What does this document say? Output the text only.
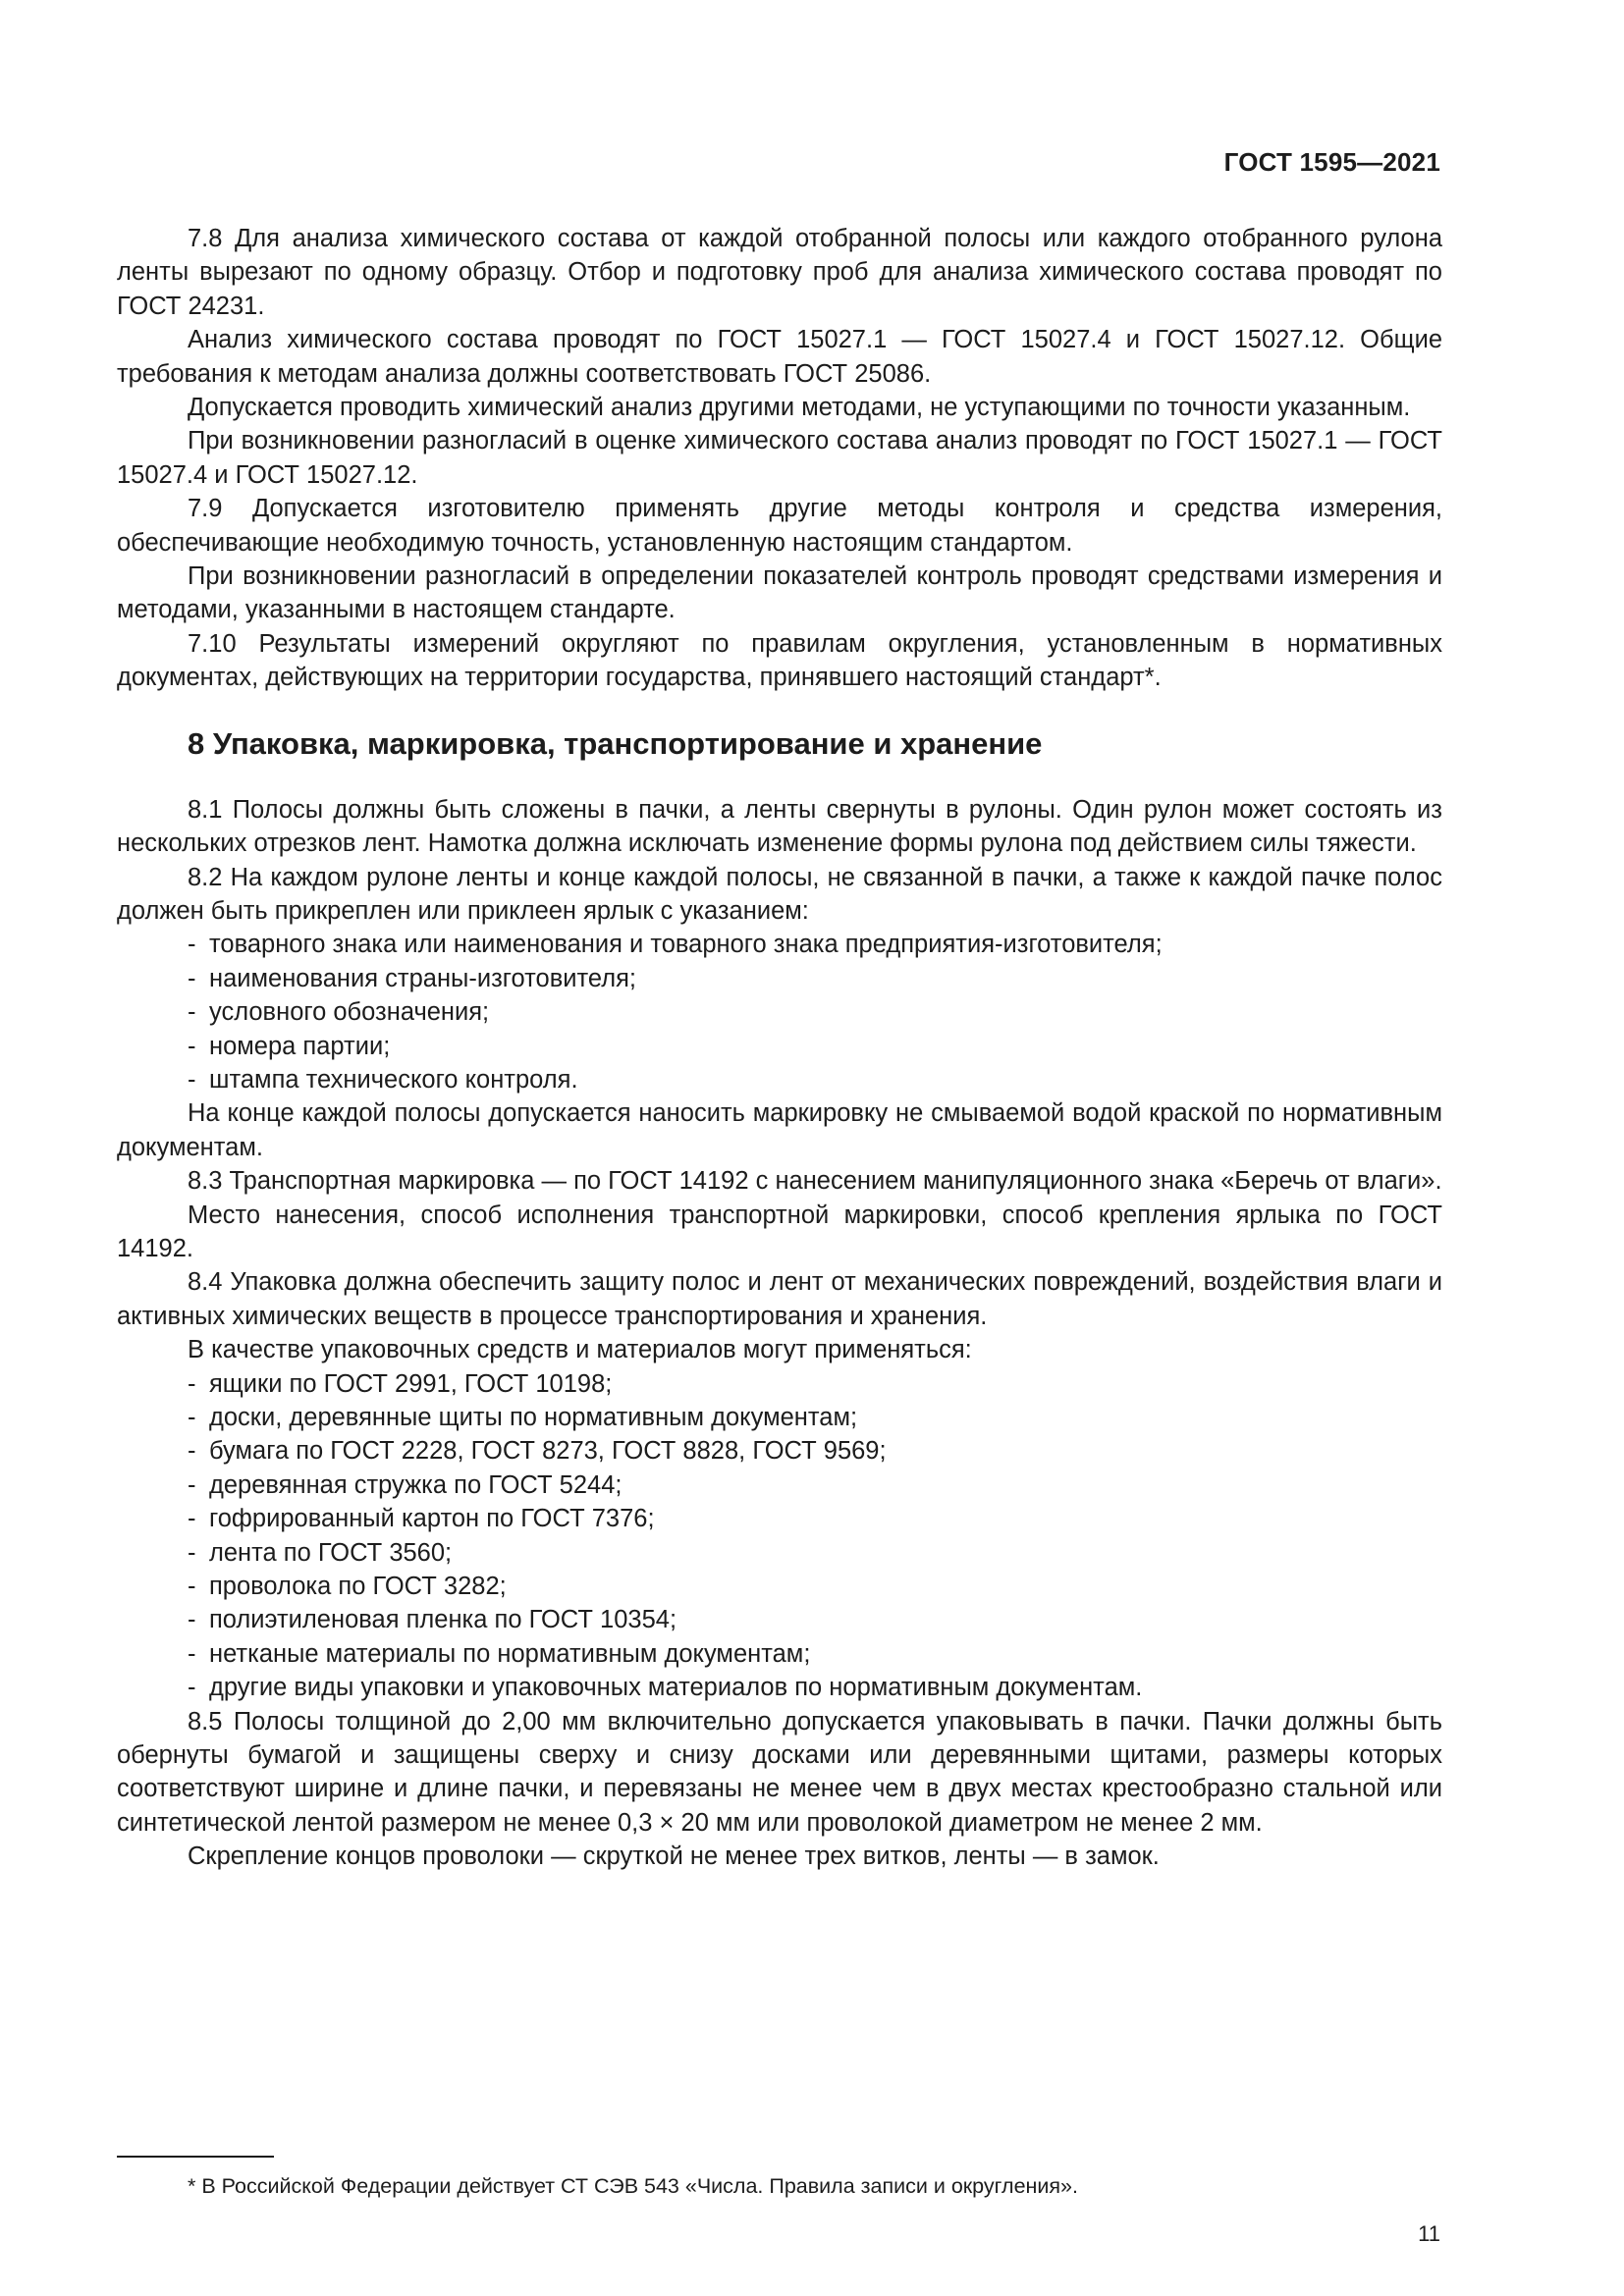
ГОСТ 1595—2021

7.8 Для анализа химического состава от каждой отобранной полосы или каждого отобранного рулона ленты вырезают по одному образцу. Отбор и подготовку проб для анализа химического состава проводят по ГОСТ 24231.

Анализ химического состава проводят по ГОСТ 15027.1 — ГОСТ 15027.4 и ГОСТ 15027.12. Общие требования к методам анализа должны соответствовать ГОСТ 25086.

Допускается проводить химический анализ другими методами, не уступающими по точности указанным.

При возникновении разногласий в оценке химического состава анализ проводят по ГОСТ 15027.1 — ГОСТ 15027.4 и ГОСТ 15027.12.

7.9 Допускается изготовителю применять другие методы контроля и средства измерения, обеспечивающие необходимую точность, установленную настоящим стандартом.

При возникновении разногласий в определении показателей контроль проводят средствами измерения и методами, указанными в настоящем стандарте.

7.10 Результаты измерений округляют по правилам округления, установленным в нормативных документах, действующих на территории государства, принявшего настоящий стандарт*.

8 Упаковка, маркировка, транспортирование и хранение

8.1 Полосы должны быть сложены в пачки, а ленты свернуты в рулоны. Один рулон может состоять из нескольких отрезков лент. Намотка должна исключать изменение формы рулона под действием силы тяжести.

8.2 На каждом рулоне ленты и конце каждой полосы, не связанной в пачки, а также к каждой пачке полос должен быть прикреплен или приклеен ярлык с указанием:

- товарного знака или наименования и товарного знака предприятия-изготовителя;
- наименования страны-изготовителя;
- условного обозначения;
- номера партии;
- штампа технического контроля.

На конце каждой полосы допускается наносить маркировку не смываемой водой краской по нормативным документам.

8.3 Транспортная маркировка — по ГОСТ 14192 с нанесением манипуляционного знака «Беречь от влаги».

Место нанесения, способ исполнения транспортной маркировки, способ крепления ярлыка по ГОСТ 14192.

8.4 Упаковка должна обеспечить защиту полос и лент от механических повреждений, воздействия влаги и активных химических веществ в процессе транспортирования и хранения.

В качестве упаковочных средств и материалов могут применяться:

- ящики по ГОСТ 2991, ГОСТ 10198;
- доски, деревянные щиты по нормативным документам;
- бумага по ГОСТ 2228, ГОСТ 8273, ГОСТ 8828, ГОСТ 9569;
- деревянная стружка по ГОСТ 5244;
- гофрированный картон по ГОСТ 7376;
- лента по ГОСТ 3560;
- проволока по ГОСТ 3282;
- полиэтиленовая пленка по ГОСТ 10354;
- нетканые материалы по нормативным документам;
- другие виды упаковки и упаковочных материалов по нормативным документам.

8.5 Полосы толщиной до 2,00 мм включительно допускается упаковывать в пачки. Пачки должны быть обернуты бумагой и защищены сверху и снизу досками или деревянными щитами, размеры которых соответствуют ширине и длине пачки, и перевязаны не менее чем в двух местах крестообразно стальной или синтетической лентой размером не менее 0,3 × 20 мм или проволокой диаметром не менее 2 мм.

Скрепление концов проволоки — скруткой не менее трех витков, ленты — в замок.

* В Российской Федерации действует СТ СЭВ 543 «Числа. Правила записи и округления».
11
